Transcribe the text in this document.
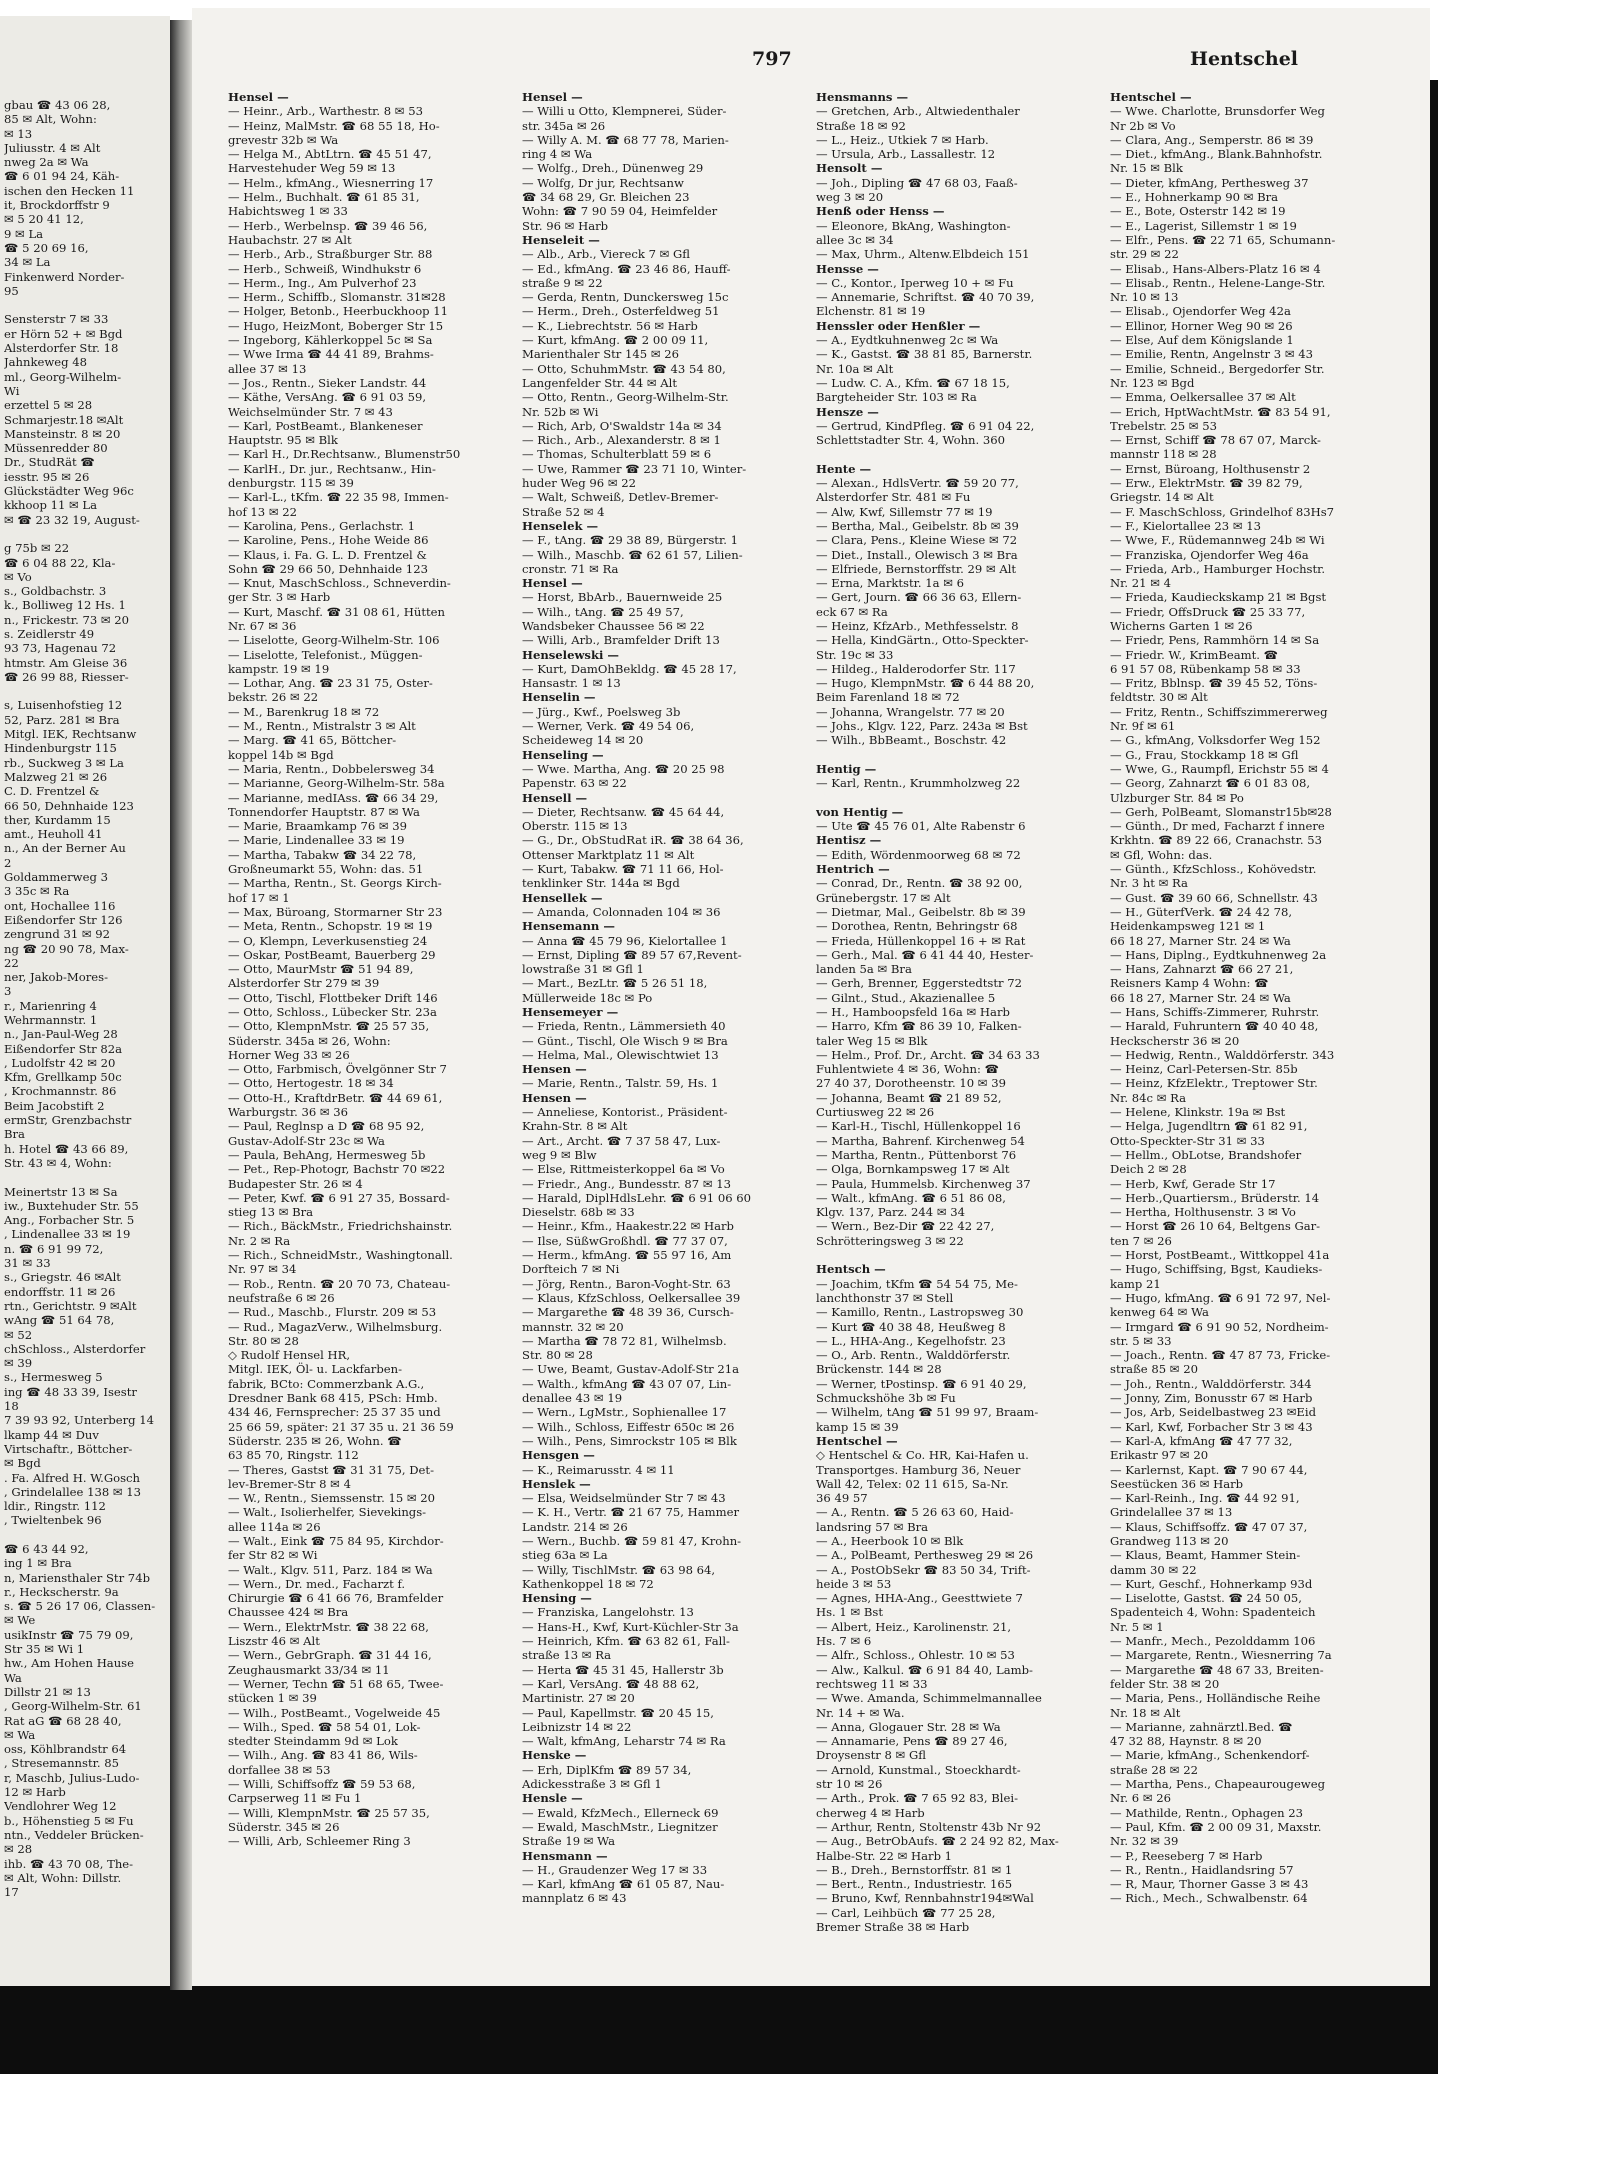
gbau ☎ 43 06 28,
85 ✉ Alt, Wohn:
✉ 13
Juliusstr. 4 ✉ Alt
nweg 2a ✉ Wa
☎ 6 01 94 24, Käh-
ischen den Hecken 11
it, Brockdorffstr 9
✉ 5 20 41 12,
9 ✉ La
☎ 5 20 69 16,
34 ✉ La
Finkenwerd Norder-
95

Sensterstr 7 ✉ 33
er Hörn 52 + ✉ Bgd
Alsterdorfer Str. 18
Jahnkeweg 48
ml., Georg-Wilhelm-
Wi
erzettel 5 ✉ 28
Schmarjestr.18 ✉Alt
Mansteinstr. 8 ✉ 20
Müssenredder 80
Dr., StudRät ☎
iesstr. 95 ✉ 26
Glückstädter Weg 96c
kkhoop 11 ✉ La
✉ ☎ 23 32 19, August-

g 75b ✉ 22
☎ 6 04 88 22, Kla-
✉ Vo
s., Goldbachstr. 3
k., Bolliweg 12 Hs. 1
n., Frickestr. 73 ✉ 20
s. Zeidlerstr 49
93 73, Hagenau 72
htmstr. Am Gleise 36
☎ 26 99 88, Riesser-

s, Luisenhofstieg 12
52, Parz. 281 ✉ Bra
Mitgl. IEK, Rechtsanw
Hindenburgstr 115
rb., Suckweg 3 ✉ La
Malzweg 21 ✉ 26
C. D. Frentzel &
66 50, Dehnhaide 123
ther, Kurdamm 15
amt., Heuholl 41
n., An der Berner Au
2
Goldammerweg 3
3 35c ✉ Ra
ont, Hochallee 116
Eißendorfer Str 126
zengrund 31 ✉ 92
ng ☎ 20 90 78, Max-
22
ner, Jakob-Mores-
3
r., Marienring 4
Wehrmannstr. 1
n., Jan-Paul-Weg 28
Eißendorfer Str 82a
, Ludolfstr 42 ✉ 20
Kfm, Grellkamp 50c
, Krochmannstr. 86
Beim Jacobstift 2
ermStr, Grenzbachstr
Bra
h. Hotel ☎ 43 66 89,
Str. 43 ✉ 4, Wohn:

Meinertstr 13 ✉ Sa
iw., Buxtehuder Str. 55
Ang., Forbacher Str. 5
, Lindenallee 33 ✉ 19
n. ☎ 6 91 99 72,
31 ✉ 33
s., Griegstr. 46 ✉Alt
endorffstr. 11 ✉ 26
rtn., Gerichtstr. 9 ✉Alt
wAng ☎ 51 64 78,
✉ 52
chSchloss., Alsterdorfer
✉ 39
s., Hermesweg 5
ing ☎ 48 33 39, Isestr
18
7 39 93 92, Unterberg 14
lkamp 44 ✉ Duv
Virtschaftr., Böttcher-
✉ Bgd
. Fa. Alfred H. W.Gosch
, Grindelallee 138 ✉ 13
ldir., Ringstr. 112
, Twieltenbek 96

☎ 6 43 44 92,
ing 1 ✉ Bra
n, Mariensthaler Str 74b
r., Heckscherstr. 9a
s. ☎ 5 26 17 06, Classen-
✉ We
usikInstr ☎ 75 79 09,
Str 35 ✉ Wi 1
hw., Am Hohen Hause
Wa
Dillstr 21 ✉ 13
, Georg-Wilhelm-Str. 61
Rat aG ☎ 68 28 40,
✉ Wa
oss, Köhlbrandstr 64
, Stresemannstr. 85
r, Maschb, Julius-Ludo-
12 ✉ Harb
Vendlohrer Weg 12
b., Höhenstieg 5 ✉ Fu
ntn., Veddeler Brücken-
✉ 28
ihb. ☎ 43 70 08, The-
✉ Alt, Wohn: Dillstr.
17
797	Hentschel
Hensel —
— Heinr., Arb., Warthestr. 8 ✉ 53
— Heinz, MalMstr. ☎ 68 55 18, Ho-
grevestr 32b ✉ Wa
— Helga M., AbtLtrn. ☎ 45 51 47,
Harvestehuder Weg 59 ✉ 13
— Helm., kfmAng., Wiesnerring 17
— Helm., Buchhalt. ☎ 61 85 31,
Habichtsweg 1 ✉ 33
— Herb., Werbelnsp. ☎ 39 46 56,
Haubachstr. 27 ✉ Alt
— Herb., Arb., Straßburger Str. 88
— Herb., Schweiß, Windhukstr 6
— Herm., Ing., Am Pulverhof 23
— Herm., Schiffb., Slomanstr. 31✉28
— Holger, Betonb., Heerbuckhoop 11
— Hugo, HeizMont, Boberger Str 15
— Ingeborg, Kählerkoppel 5c ✉ Sa
— Wwe Irma ☎ 44 41 89, Brahms-
allee 37 ✉ 13
— Jos., Rentn., Sieker Landstr. 44
— Käthe, VersAng. ☎ 6 91 03 59,
Weichselmünder Str. 7 ✉ 43
— Karl, PostBeamt., Blankeneser
Hauptstr. 95 ✉ Blk
— Karl H., Dr.Rechtsanw., Blumenstr50
— KarlH., Dr. jur., Rechtsanw., Hin-
denburgstr. 115 ✉ 39
— Karl-L., tKfm. ☎ 22 35 98, Immen-
hof 13 ✉ 22
— Karolina, Pens., Gerlachstr. 1
— Karoline, Pens., Hohe Weide 86
— Klaus, i. Fa. G. L. D. Frentzel &
Sohn ☎ 29 66 50, Dehnhaide 123
— Knut, MaschSchloss., Schneverdin-
ger Str. 3 ✉ Harb
— Kurt, Maschf. ☎ 31 08 61, Hütten
Nr. 67 ✉ 36
— Liselotte, Georg-Wilhelm-Str. 106
— Liselotte, Telefonist., Müggen-
kampstr. 19 ✉ 19
— Lothar, Ang. ☎ 23 31 75, Oster-
bekstr. 26 ✉ 22
— M., Barenkrug 18 ✉ 72
— M., Rentn., Mistralstr 3 ✉ Alt
— Marg. ☎ 41 65, Böttcher-
koppel 14b ✉ Bgd
— Maria, Rentn., Dobbelersweg 34
— Marianne, Georg-Wilhelm-Str. 58a
— Marianne, medIAss. ☎ 66 34 29,
Tonnendorfer Hauptstr. 87 ✉ Wa
— Marie, Braamkamp 76 ✉ 39
— Marie, Lindenallee 33 ✉ 19
— Martha, Tabakw ☎ 34 22 78,
Großneumarkt 55, Wohn: das. 51
— Martha, Rentn., St. Georgs Kirch-
hof 17 ✉ 1
— Max, Büroang, Stormarner Str 23
— Meta, Rentn., Schopstr. 19 ✉ 19
— O, Klempn, Leverkusenstieg 24
— Oskar, PostBeamt, Bauerberg 29
— Otto, MaurMstr ☎ 51 94 89,
Alsterdorfer Str 279 ✉ 39
— Otto, Tischl, Flottbeker Drift 146
— Otto, Schloss., Lübecker Str. 23a
— Otto, KlempnMstr. ☎ 25 57 35,
Süderstr. 345a ✉ 26, Wohn:
Horner Weg 33 ✉ 26
— Otto, Farbmisch, Övelgönner Str 7
— Otto, Hertogestr. 18 ✉ 34
— Otto-H., KraftdrBetr. ☎ 44 69 61,
Warburgstr. 36 ✉ 36
— Paul, Reglnsp a D ☎ 68 95 92,
Gustav-Adolf-Str 23c ✉ Wa
— Paula, BehAng, Hermesweg 5b
— Pet., Rep-Photogr, Bachstr 70 ✉22
Budapester Str. 26 ✉ 4
— Peter, Kwf. ☎ 6 91 27 35, Bossard-
stieg 13 ✉ Bra
— Rich., BäckMstr., Friedrichshainstr.
Nr. 2 ✉ Ra
— Rich., SchneidMstr., Washingtonall.
Nr. 97 ✉ 34
— Rob., Rentn. ☎ 20 70 73, Chateau-
neufstraße 6 ✉ 26
— Rud., Maschb., Flurstr. 209 ✉ 53
— Rud., MagazVerw., Wilhelmsburg.
Str. 80 ✉ 28
◇ Rudolf Hensel HR,
Mitgl. IEK, Öl- u. Lackfarben-
fabrik, BCto: Commerzbank A.G.,
Dresdner Bank 68 415, PSch: Hmb.
434 46, Fernsprecher: 25 37 35 und
25 66 59, später: 21 37 35 u. 21 36 59
Süderstr. 235 ✉ 26, Wohn. ☎
63 85 70, Ringstr. 112
— Theres, Gastst ☎ 31 31 75, Det-
lev-Bremer-Str 8 ✉ 4
— W., Rentn., Siemssenstr. 15 ✉ 20
— Walt., Isolierhelfer, Sievekings-
allee 114a ✉ 26
— Walt., Eink ☎ 75 84 95, Kirchdor-
fer Str 82 ✉ Wi
— Walt., Klgv. 511, Parz. 184 ✉ Wa
— Wern., Dr. med., Facharzt f.
Chirurgie ☎ 6 41 66 76, Bramfelder
Chaussee 424 ✉ Bra
— Wern., ElektrMstr. ☎ 38 22 68,
Liszstr 46 ✉ Alt
— Wern., GebrGraph. ☎ 31 44 16,
Zeughausmarkt 33/34 ✉ 11
— Werner, Techn ☎ 51 68 65, Twee-
stücken 1 ✉ 39
— Wilh., PostBeamt., Vogelweide 45
— Wilh., Sped. ☎ 58 54 01, Lok-
stedter Steindamm 9d ✉ Lok
— Wilh., Ang. ☎ 83 41 86, Wils-
dorfallee 38 ✉ 53
— Willi, Schiffsoffz ☎ 59 53 68,
Carpserweg 11 ✉ Fu 1
— Willi, KlempnMstr. ☎ 25 57 35,
Süderstr. 345 ✉ 26
— Willi, Arb, Schleemer Ring 3
Hensel —
— Willi u Otto, Klempnerei, Süder-
str. 345a ✉ 26
— Willy A. M. ☎ 68 77 78, Marien-
ring 4 ✉ Wa
— Wolfg., Dreh., Dünenweg 29
— Wolfg, Dr jur, Rechtsanw
☎ 34 68 29, Gr. Bleichen 23
Wohn: ☎ 7 90 59 04, Heimfelder
Str. 96 ✉ Harb
Henseleit —
— Alb., Arb., Viereck 7 ✉ Gfl
— Ed., kfmAng. ☎ 23 46 86, Hauff-
straße 9 ✉ 22
— Gerda, Rentn, Dunckersweg 15c
— Herm., Dreh., Osterfeldweg 51
— K., Liebrechtstr. 56 ✉ Harb
— Kurt, kfmAng. ☎ 2 00 09 11,
Marienthaler Str 145 ✉ 26
— Otto, SchuhmMstr. ☎ 43 54 80,
Langenfelder Str. 44 ✉ Alt
— Otto, Rentn., Georg-Wilhelm-Str.
Nr. 52b ✉ Wi
— Rich, Arb, O'Swaldstr 14a ✉ 34
— Rich., Arb., Alexanderstr. 8 ✉ 1
— Thomas, Schulterblatt 59 ✉ 6
— Uwe, Rammer ☎ 23 71 10, Winter-
huder Weg 96 ✉ 22
— Walt, Schweiß, Detlev-Bremer-
Straße 52 ✉ 4
Henselek —
— F., tAng. ☎ 29 38 89, Bürgerstr. 1
— Wilh., Maschb. ☎ 62 61 57, Lilien-
cronstr. 71 ✉ Ra
Hensel —
— Horst, BbArb., Bauernweide 25
— Wilh., tAng. ☎ 25 49 57,
Wandsbeker Chaussee 56 ✉ 22
— Willi, Arb., Bramfelder Drift 13
Henselewski —
— Kurt, DamOhBekldg. ☎ 45 28 17,
Hansastr. 1 ✉ 13
Henselin —
— Jürg., Kwf., Poelsweg 3b
— Werner, Verk. ☎ 49 54 06,
Scheideweg 14 ✉ 20
Henseling —
— Wwe. Martha, Ang. ☎ 20 25 98
Papenstr. 63 ✉ 22
Hensell —
— Dieter, Rechtsanw. ☎ 45 64 44,
Oberstr. 115 ✉ 13
— G., Dr., ObStudRat iR. ☎ 38 64 36,
Ottenser Marktplatz 11 ✉ Alt
— Kurt, Tabakw. ☎ 71 11 66, Hol-
tenklinker Str. 144a ✉ Bgd
Hensellek —
— Amanda, Colonnaden 104 ✉ 36
Hensemann —
— Anna ☎ 45 79 96, Kielortallee 1
— Ernst, Dipling ☎ 89 57 67,Revent-
lowstraße 31 ✉ Gfl 1
— Mart., BezLtr. ☎ 5 26 51 18,
Müllerweide 18c ✉ Po
Hensemeyer —
— Frieda, Rentn., Lämmersieth 40
— Günt., Tischl, Ole Wisch 9 ✉ Bra
— Helma, Mal., Olewischtwiet 13
Hensen —
— Marie, Rentn., Talstr. 59, Hs. 1
Hensen —
— Anneliese, Kontorist., Präsident-
Krahn-Str. 8 ✉ Alt
— Art., Archt. ☎ 7 37 58 47, Lux-
weg 9 ✉ Blw
— Else, Rittmeisterkoppel 6a ✉ Vo
— Friedr., Ang., Bundesstr. 87 ✉ 13
— Harald, DiplHdlsLehr. ☎ 6 91 06 60
Dieselstr. 68b ✉ 33
— Heinr., Kfm., Haakestr.22 ✉ Harb
— Ilse, SüßwGroßhdl. ☎ 77 37 07,
— Herm., kfmAng. ☎ 55 97 16, Am
Dorfteich 7 ✉ Ni
— Jörg, Rentn., Baron-Voght-Str. 63
— Klaus, KfzSchloss, Oelkersallee 39
— Margarethe ☎ 48 39 36, Cursch-
mannstr. 32 ✉ 20
— Martha ☎ 78 72 81, Wilhelmsb.
Str. 80 ✉ 28
— Uwe, Beamt, Gustav-Adolf-Str 21a
— Walth., kfmAng ☎ 43 07 07, Lin-
denallee 43 ✉ 19
— Wern., LgMstr., Sophienallee 17
— Wilh., Schloss, Eiffestr 650c ✉ 26
— Wilh., Pens, Simrockstr 105 ✉ Blk
Hensgen —
— K., Reimarusstr. 4 ✉ 11
Henslek —
— Elsa, Weidselmünder Str 7 ✉ 43
— K. H., Vertr. ☎ 21 67 75, Hammer
Landstr. 214 ✉ 26
— Wern., Buchb. ☎ 59 81 47, Krohn-
stieg 63a ✉ La
— Willy, TischlMstr. ☎ 63 98 64,
Kathenkoppel 18 ✉ 72
Hensing —
— Franziska, Langelohstr. 13
— Hans-H., Kwf, Kurt-Küchler-Str 3a
— Heinrich, Kfm. ☎ 63 82 61, Fall-
straße 13 ✉ Ra
— Herta ☎ 45 31 45, Hallerstr 3b
— Karl, VersAng. ☎ 48 88 62,
Martinistr. 27 ✉ 20
— Paul, Kapellmstr. ☎ 20 45 15,
Leibnizstr 14 ✉ 22
— Walt, kfmAng, Leharstr 74 ✉ Ra
Henske —
— Erh, DiplKfm ☎ 89 57 34,
Adickesstraße 3 ✉ Gfl 1
Hensle —
— Ewald, KfzMech., Ellerneck 69
— Ewald, MaschMstr., Liegnitzer
Straße 19 ✉ Wa
Hensmann —
— H., Graudenzer Weg 17 ✉ 33
— Karl, kfmAng ☎ 61 05 87, Nau-
mannplatz 6 ✉ 43
Hensmanns —
— Gretchen, Arb., Altwiedenthaler
Straße 18 ✉ 92
— L., Heiz., Utkiek 7 ✉ Harb.
— Ursula, Arb., Lassallestr. 12
Hensolt —
— Joh., Dipling ☎ 47 68 03, Faaß-
weg 3 ✉ 20
Henß oder Henss —
— Eleonore, BkAng, Washington-
allee 3c ✉ 34
— Max, Uhrm., Altenw.Elbdeich 151
Hensse —
— C., Kontor., Iperweg 10 + ✉ Fu
— Annemarie, Schriftst. ☎ 40 70 39,
Elchenstr. 81 ✉ 19
Henssler oder Henßler —
— A., Eydtkuhnenweg 2c ✉ Wa
— K., Gastst. ☎ 38 81 85, Barnerstr.
Nr. 10a ✉ Alt
— Ludw. C. A., Kfm. ☎ 67 18 15,
Bargteheider Str. 103 ✉ Ra
Hensze —
— Gertrud, KindPfleg. ☎ 6 91 04 22,
Schlettstadter Str. 4, Wohn. 360

Hente —
— Alexan., HdlsVertr. ☎ 59 20 77,
Alsterdorfer Str. 481 ✉ Fu
— Alw, Kwf, Sillemstr 77 ✉ 19
— Bertha, Mal., Geibelstr. 8b ✉ 39
— Clara, Pens., Kleine Wiese ✉ 72
— Diet., Install., Olewisch 3 ✉ Bra
— Elfriede, Bernstorffstr. 29 ✉ Alt
— Erna, Marktstr. 1a ✉ 6
— Gert, Journ. ☎ 66 36 63, Ellern-
eck 67 ✉ Ra
— Heinz, KfzArb., Methfesselstr. 8
— Hella, KindGärtn., Otto-Speckter-
Str. 19c ✉ 33
— Hildeg., Halderodorfer Str. 117
— Hugo, KlempnMstr. ☎ 6 44 88 20,
Beim Farenland 18 ✉ 72
— Johanna, Wrangelstr. 77 ✉ 20
— Johs., Klgv. 122, Parz. 243a ✉ Bst
— Wilh., BbBeamt., Boschstr. 42

Hentig —
— Karl, Rentn., Krummholzweg 22

von Hentig —
— Ute ☎ 45 76 01, Alte Rabenstr 6
Hentisz —
— Edith, Wördenmoorweg 68 ✉ 72
Hentrich —
— Conrad, Dr., Rentn. ☎ 38 92 00,
Grünebergstr. 17 ✉ Alt
— Dietmar, Mal., Geibelstr. 8b ✉ 39
— Dorothea, Rentn, Behringstr 68
— Frieda, Hüllenkoppel 16 + ✉ Rat
— Gerh., Mal. ☎ 6 41 44 40, Hester-
landen 5a ✉ Bra
— Gerh, Brenner, Eggerstedtstr 72
— Gilnt., Stud., Akazienallee 5
— H., Hamboopsfeld 16a ✉ Harb
— Harro, Kfm ☎ 86 39 10, Falken-
taler Weg 15 ✉ Blk
— Helm., Prof. Dr., Archt. ☎ 34 63 33
Fuhlentwiete 4 ✉ 36, Wohn: ☎
27 40 37, Dorotheenstr. 10 ✉ 39
— Johanna, Beamt ☎ 21 89 52,
Curtiusweg 22 ✉ 26
— Karl-H., Tischl, Hüllenkoppel 16
— Martha, Bahrenf. Kirchenweg 54
— Martha, Rentn., Püttenborst 76
— Olga, Bornkampsweg 17 ✉ Alt
— Paula, Hummelsb. Kirchenweg 37
— Walt., kfmAng. ☎ 6 51 86 08,
Klgv. 137, Parz. 244 ✉ 34
— Wern., Bez-Dir ☎ 22 42 27,
Schrötteringsweg 3 ✉ 22

Hentsch —
— Joachim, tKfm ☎ 54 54 75, Me-
lanchthonstr 37 ✉ Stell
— Kamillo, Rentn., Lastropsweg 30
— Kurt ☎ 40 38 48, Heußweg 8
— L., HHA-Ang., Kegelhofstr. 23
— O., Arb. Rentn., Walddörferstr.
Brückenstr. 144 ✉ 28
— Werner, tPostinsp. ☎ 6 91 40 29,
Schmuckshöhe 3b ✉ Fu
— Wilhelm, tAng ☎ 51 99 97, Braam-
kamp 15 ✉ 39
Hentschel —
◇ Hentschel & Co. HR, Kai-Hafen u.
Transportges. Hamburg 36, Neuer
Wall 42, Telex: 02 11 615, Sa-Nr.
36 49 57
— A., Rentn. ☎ 5 26 63 60, Haid-
landsring 57 ✉ Bra
— A., Heerbook 10 ✉ Blk
— A., PolBeamt, Perthesweg 29 ✉ 26
— A., PostObSekr ☎ 83 50 34, Trift-
heide 3 ✉ 53
— Agnes, HHA-Ang., Geesttwiete 7
Hs. 1 ✉ Bst
— Albert, Heiz., Karolinenstr. 21,
Hs. 7 ✉ 6
— Alfr., Schloss., Ohlestr. 10 ✉ 53
— Alw., Kalkul. ☎ 6 91 84 40, Lamb-
rechtsweg 11 ✉ 33
— Wwe. Amanda, Schimmelmannallee
Nr. 14 + ✉ Wa.
— Anna, Glogauer Str. 28 ✉ Wa
— Annamarie, Pens ☎ 89 27 46,
Droysenstr 8 ✉ Gfl
— Arnold, Kunstmal., Stoeckhardt-
str 10 ✉ 26
— Arth., Prok. ☎ 7 65 92 83, Blei-
cherweg 4 ✉ Harb
— Arthur, Rentn, Stoltenstr 43b Nr 92
— Aug., BetrObAufs. ☎ 2 24 92 82, Max-
Halbe-Str. 22 ✉ Harb 1
— B., Dreh., Bernstorffstr. 81 ✉ 1
— Bert., Rentn., Industriestr. 165
— Bruno, Kwf, Rennbahnstr194✉Wal
— Carl, Leihbüch ☎ 77 25 28,
Bremer Straße 38 ✉ Harb
Hentschel —
— Wwe. Charlotte, Brunsdorfer Weg
Nr 2b ✉ Vo
— Clara, Ang., Semperstr. 86 ✉ 39
— Diet., kfmAng., Blank.Bahnhofstr.
Nr. 15 ✉ Blk
— Dieter, kfmAng, Perthesweg 37
— E., Hohnerkamp 90 ✉ Bra
— E., Bote, Osterstr 142 ✉ 19
— E., Lagerist, Sillemstr 1 ✉ 19
— Elfr., Pens. ☎ 22 71 65, Schumann-
str. 29 ✉ 22
— Elisab., Hans-Albers-Platz 16 ✉ 4
— Elisab., Rentn., Helene-Lange-Str.
Nr. 10 ✉ 13
— Elisab., Ojendorfer Weg 42a
— Ellinor, Horner Weg 90 ✉ 26
— Else, Auf dem Königslande 1
— Emilie, Rentn, Angelnstr 3 ✉ 43
— Emilie, Schneid., Bergedorfer Str.
Nr. 123 ✉ Bgd
— Emma, Oelkersallee 37 ✉ Alt
— Erich, HptWachtMstr. ☎ 83 54 91,
Trebelstr. 25 ✉ 53
— Ernst, Schiff ☎ 78 67 07, Marck-
mannstr 118 ✉ 28
— Ernst, Büroang, Holthusenstr 2
— Erw., ElektrMstr. ☎ 39 82 79,
Griegstr. 14 ✉ Alt
— F. MaschSchloss, Grindelhof 83Hs7
— F., Kielortallee 23 ✉ 13
— Wwe, F., Rüdemannweg 24b ✉ Wi
— Franziska, Ojendorfer Weg 46a
— Frieda, Arb., Hamburger Hochstr.
Nr. 21 ✉ 4
— Frieda, Kaudieckskamp 21 ✉ Bgst
— Friedr, OffsDruck ☎ 25 33 77,
Wicherns Garten 1 ✉ 26
— Friedr, Pens, Rammhörn 14 ✉ Sa
— Friedr. W., KrimBeamt. ☎
6 91 57 08, Rübenkamp 58 ✉ 33
— Fritz, Bblnsp. ☎ 39 45 52, Töns-
feldtstr. 30 ✉ Alt
— Fritz, Rentn., Schiffszimmererweg
Nr. 9f ✉ 61
— G., kfmAng, Volksdorfer Weg 152
— G., Frau, Stockkamp 18 ✉ Gfl
— Wwe, G., Raumpfl, Erichstr 55 ✉ 4
— Georg, Zahnarzt ☎ 6 01 83 08,
Ulzburger Str. 84 ✉ Po
— Gerh, PolBeamt, Slomanstr15b✉28
— Günth., Dr med, Facharzt f innere
Krkhtn. ☎ 89 22 66, Cranachstr. 53
✉ Gfl, Wohn: das.
— Günth., KfzSchloss., Kohövedstr.
Nr. 3 ht ✉ Ra
— Gust. ☎ 39 60 66, Schnellstr. 43
— H., GüterfVerk. ☎ 24 42 78,
Heidenkampsweg 121 ✉ 1
66 18 27, Marner Str. 24 ✉ Wa
— Hans, Diplng., Eydtkuhnenweg 2a
— Hans, Zahnarzt ☎ 66 27 21,
Reisners Kamp 4 Wohn: ☎
66 18 27, Marner Str. 24 ✉ Wa
— Hans, Schiffs-Zimmerer, Ruhrstr.
— Harald, Fuhruntern ☎ 40 40 48,
Heckscherstr 36 ✉ 20
— Hedwig, Rentn., Walddörferstr. 343
— Heinz, Carl-Petersen-Str. 85b
— Heinz, KfzElektr., Treptower Str.
Nr. 84c ✉ Ra
— Helene, Klinkstr. 19a ✉ Bst
— Helga, Jugendltrn ☎ 61 82 91,
Otto-Speckter-Str 31 ✉ 33
— Hellm., ObLotse, Brandshofer
Deich 2 ✉ 28
— Herb, Kwf, Gerade Str 17
— Herb.,Quartiersm., Brüderstr. 14
— Hertha, Holthusenstr. 3 ✉ Vo
— Horst ☎ 26 10 64, Beltgens Gar-
ten 7 ✉ 26
— Horst, PostBeamt., Wittkoppel 41a
— Hugo, Schiffsing, Bgst, Kaudieks-
kamp 21
— Hugo, kfmAng. ☎ 6 91 72 97, Nel-
kenweg 64 ✉ Wa
— Irmgard ☎ 6 91 90 52, Nordheim-
str. 5 ✉ 33
— Joach., Rentn. ☎ 47 87 73, Fricke-
straße 85 ✉ 20
— Joh., Rentn., Walddörferstr. 344
— Jonny, Zim, Bonusstr 67 ✉ Harb
— Jos, Arb, Seidelbastweg 23 ✉Eid
— Karl, Kwf, Forbacher Str 3 ✉ 43
— Karl-A, kfmAng ☎ 47 77 32,
Erikastr 97 ✉ 20
— Karlernst, Kapt. ☎ 7 90 67 44,
Seestücken 36 ✉ Harb
— Karl-Reinh., Ing. ☎ 44 92 91,
Grindelallee 37 ✉ 13
— Klaus, Schiffsoffz. ☎ 47 07 37,
Grandweg 113 ✉ 20
— Klaus, Beamt, Hammer Stein-
damm 30 ✉ 22
— Kurt, Geschf., Hohnerkamp 93d
— Liselotte, Gastst. ☎ 24 50 05,
Spadenteich 4, Wohn: Spadenteich
Nr. 5 ✉ 1
— Manfr., Mech., Pezolddamm 106
— Margarete, Rentn., Wiesnerring 7a
— Margarethe ☎ 48 67 33, Breiten-
felder Str. 38 ✉ 20
— Maria, Pens., Holländische Reihe
Nr. 18 ✉ Alt
— Marianne, zahnärztl.Bed. ☎
47 32 88, Haynstr. 8 ✉ 20
— Marie, kfmAng., Schenkendorf-
straße 28 ✉ 22
— Martha, Pens., Chapeaurougeweg
Nr. 6 ✉ 26
— Mathilde, Rentn., Ophagen 23
— Paul, Kfm. ☎ 2 00 09 31, Maxstr.
Nr. 32 ✉ 39
— P., Reeseberg 7 ✉ Harb
— R., Rentn., Haidlandsring 57
— R, Maur, Thorner Gasse 3 ✉ 43
— Rich., Mech., Schwalbenstr. 64
